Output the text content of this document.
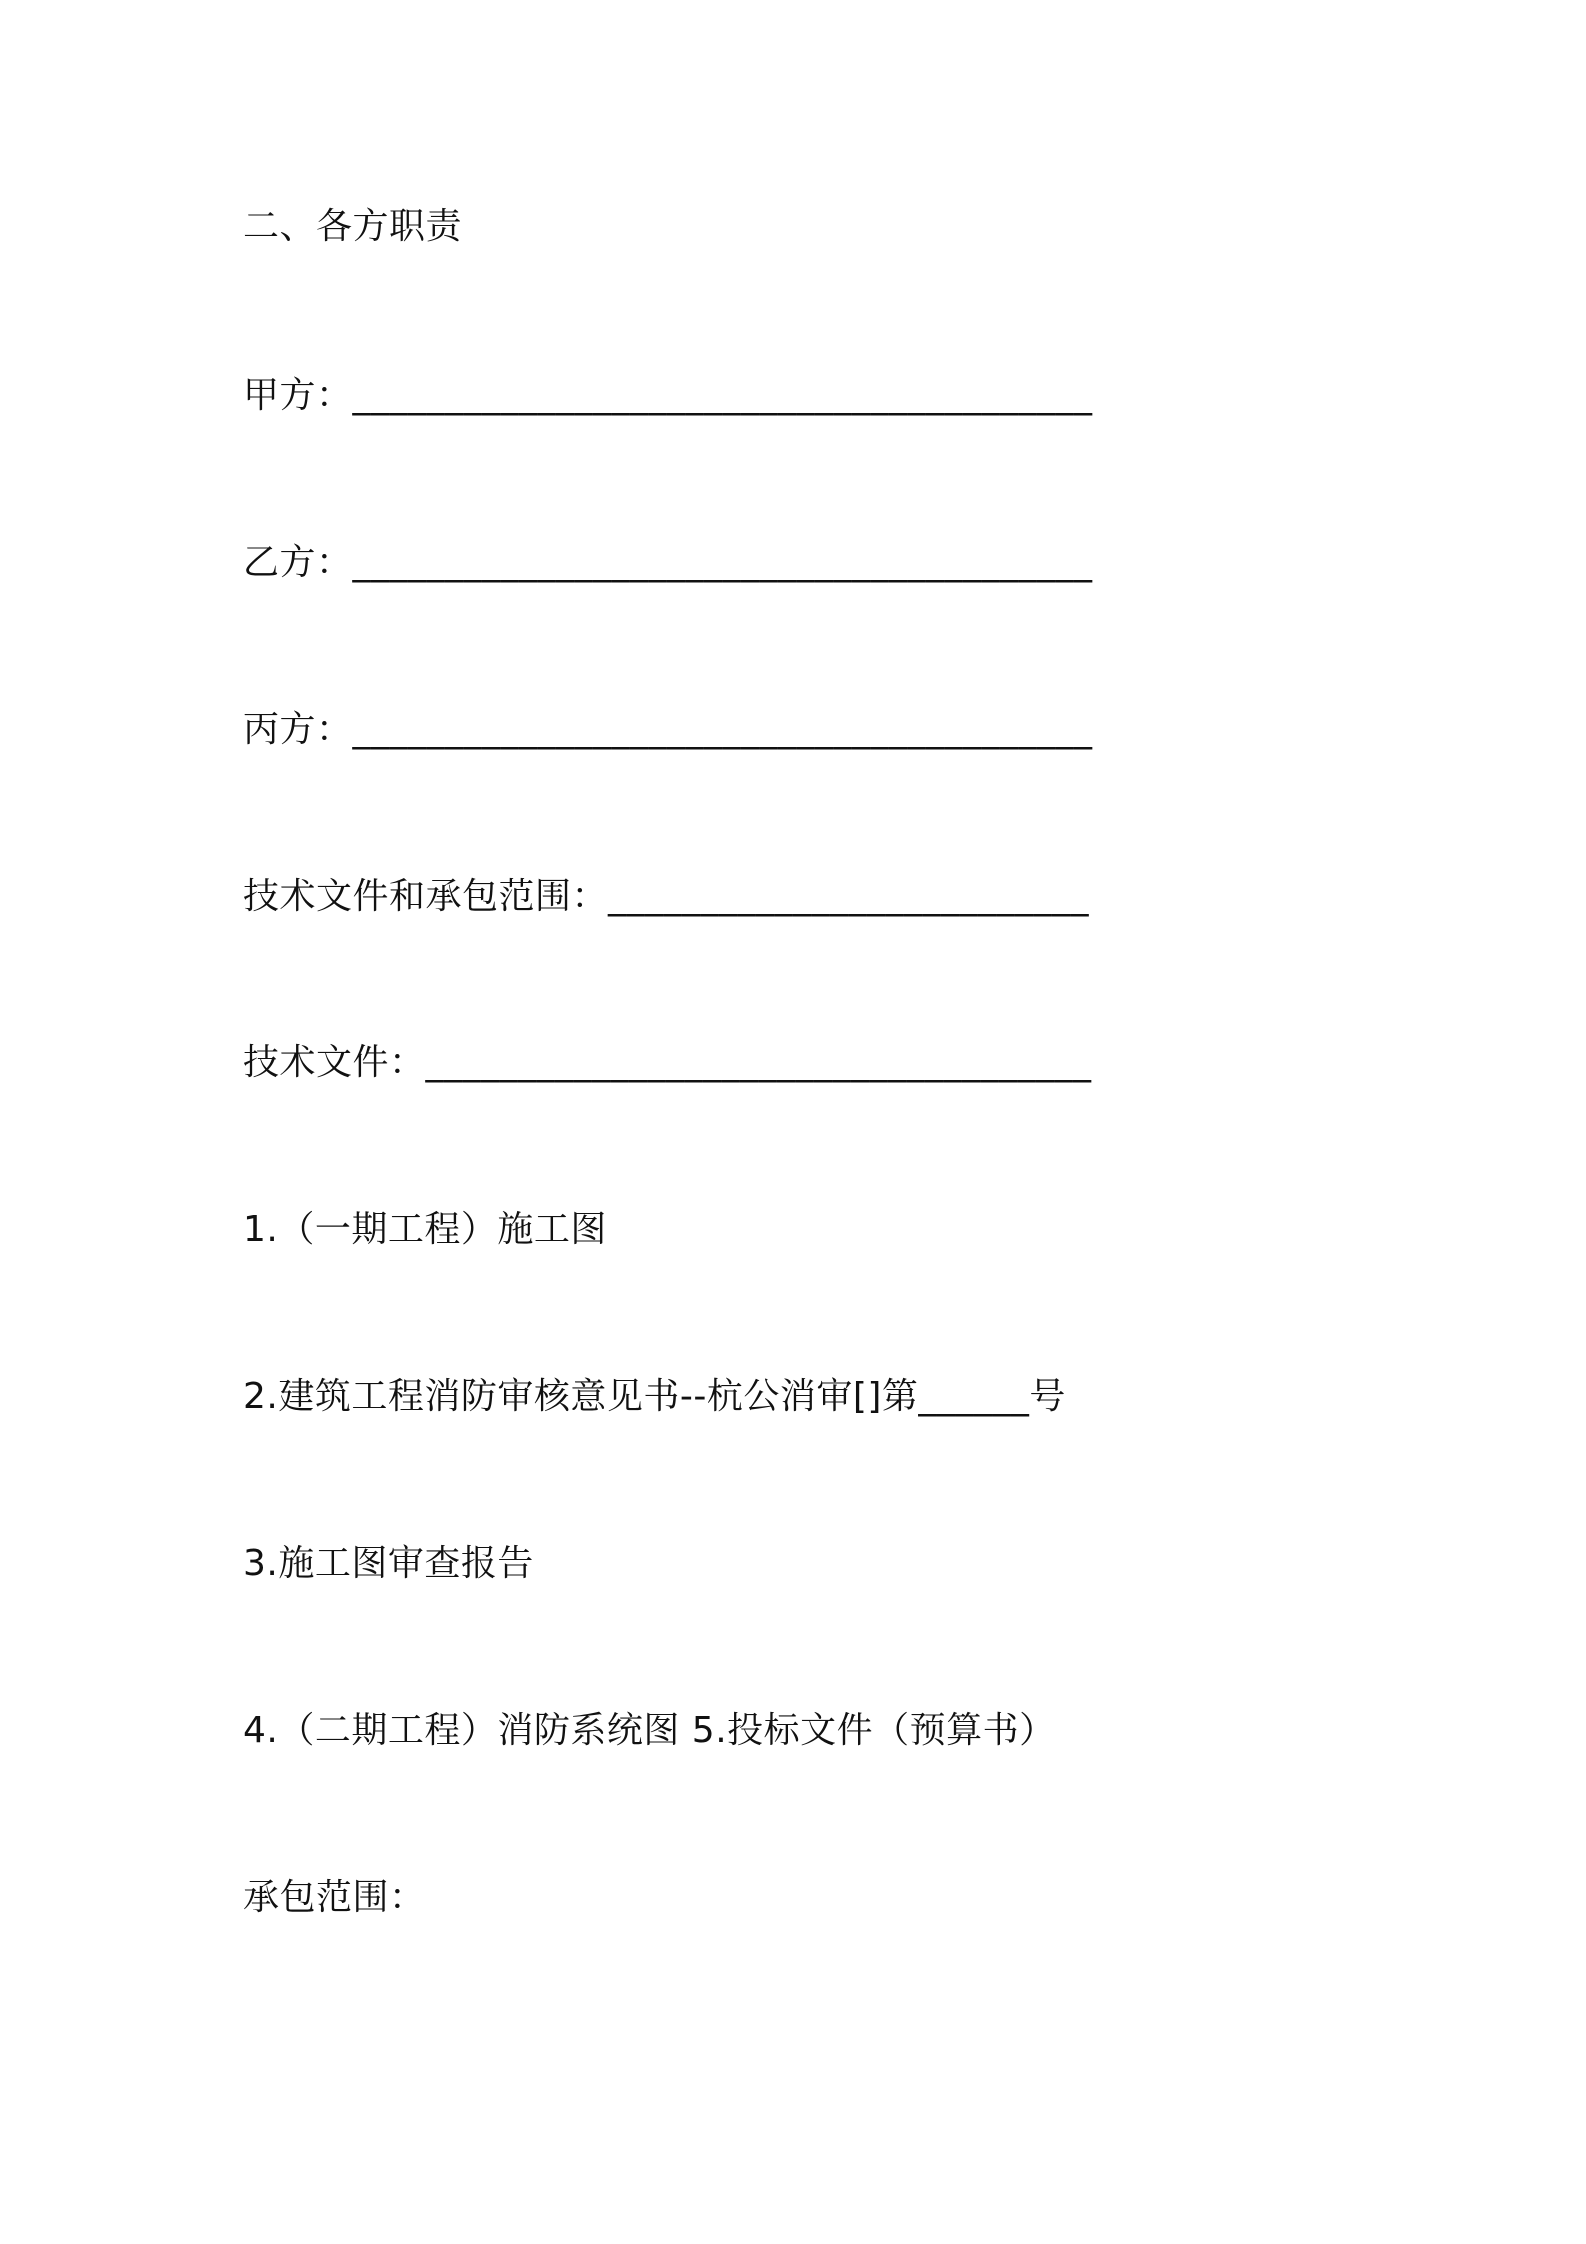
二、各方职责
甲方：________________________________________
乙方：________________________________________
丙方：________________________________________
技术文件和承包范围：__________________________
技术文件：____________________________________
1.（一期工程）施工图
2.建筑工程消防审核意见书--杭公消审[]第______号
3.施工图审查报告
4.（二期工程）消防系统图 5.投标文件（预算书）
承包范围：
